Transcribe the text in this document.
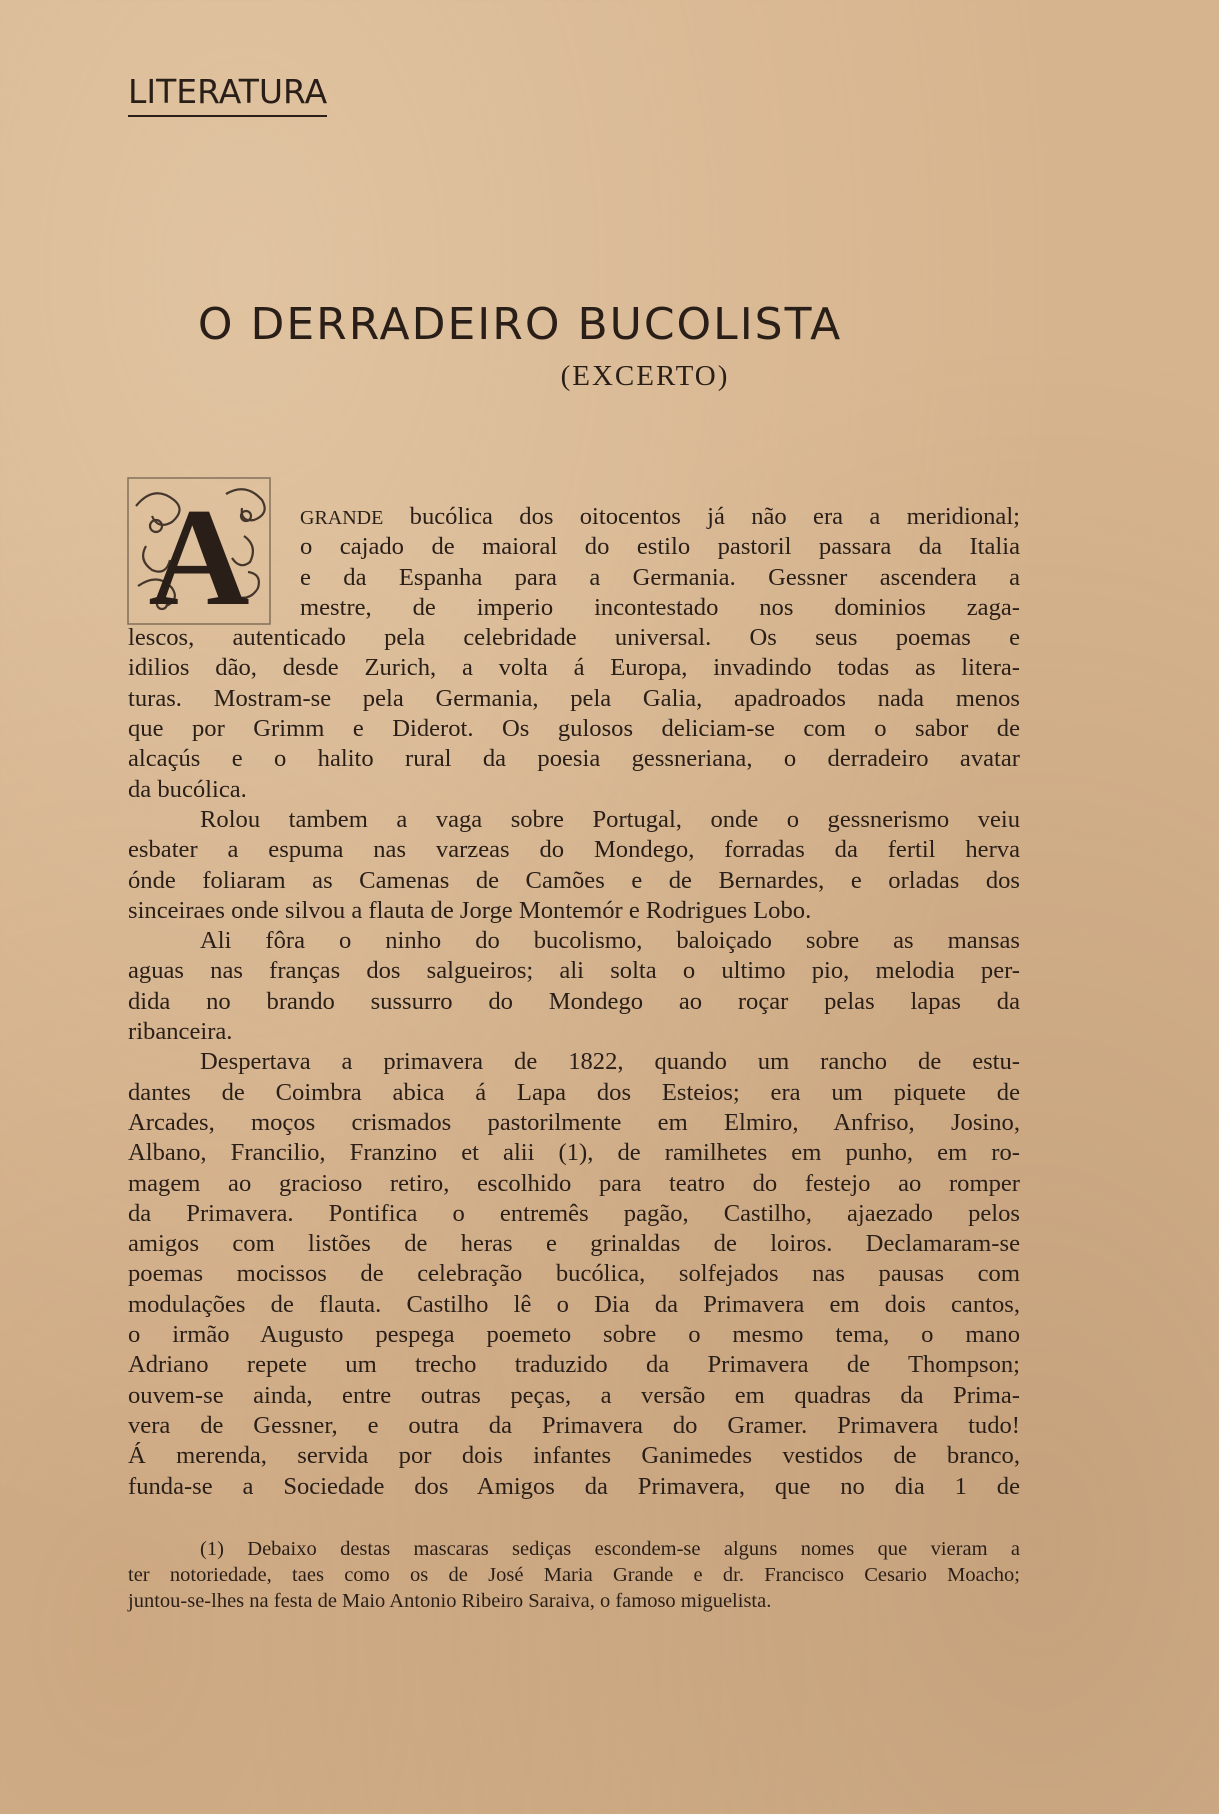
LITERATURA
O DERRADEIRO BUCOLISTA
(EXCERTO)
A	GRANDE bucólica dos oitocentos já não era a meridional;
o cajado de maioral do estilo pastoril passara da Italia
e da Espanha para a Germania. Gessner ascendera a
mestre, de imperio incontestado nos dominios zaga-
lescos, autenticado pela celebridade universal. Os seus poemas e
idilios dão, desde Zurich, a volta á Europa, invadindo todas as litera-
turas. Mostram-se pela Germania, pela Galia, apadroados nada menos
que por Grimm e Diderot. Os gulosos deliciam-se com o sabor de
alcaçús e o halito rural da poesia gessneriana, o derradeiro avatar
da bucólica.
Rolou tambem a vaga sobre Portugal, onde o gessnerismo veiu
esbater a espuma nas varzeas do Mondego, forradas da fertil herva
ónde foliaram as Camenas de Camões e de Bernardes, e orladas dos
sinceiraes onde silvou a flauta de Jorge Montemór e Rodrigues Lobo.
Ali fôra o ninho do bucolismo, baloiçado sobre as mansas
aguas nas franças dos salgueiros; ali solta o ultimo pio, melodia per-
dida no brando sussurro do Mondego ao roçar pelas lapas da
ribanceira.
Despertava a primavera de 1822, quando um rancho de estu-
dantes de Coimbra abica á Lapa dos Esteios; era um piquete de
Arcades, moços crismados pastorilmente em Elmiro, Anfriso, Josino,
Albano, Francilio, Franzino et alii (1), de ramilhetes em punho, em ro-
magem ao gracioso retiro, escolhido para teatro do festejo ao romper
da Primavera. Pontifica o entremês pagão, Castilho, ajaezado pelos
amigos com listões de heras e grinaldas de loiros. Declamaram-se
poemas mocissos de celebração bucólica, solfejados nas pausas com
modulações de flauta. Castilho lê o Dia da Primavera em dois cantos,
o irmão Augusto pespega poemeto sobre o mesmo tema, o mano
Adriano repete um trecho traduzido da Primavera de Thompson;
ouvem-se ainda, entre outras peças, a versão em quadras da Prima-
vera de Gessner, e outra da Primavera do Gramer. Primavera tudo!
Á merenda, servida por dois infantes Ganimedes vestidos de branco,
funda-se a Sociedade dos Amigos da Primavera, que no dia 1 de
(1) Debaixo destas mascaras sediças escondem-se alguns nomes que vieram a
ter notoriedade, taes como os de José Maria Grande e dr. Francisco Cesario Moacho;
juntou-se-lhes na festa de Maio Antonio Ribeiro Saraiva, o famoso miguelista.
